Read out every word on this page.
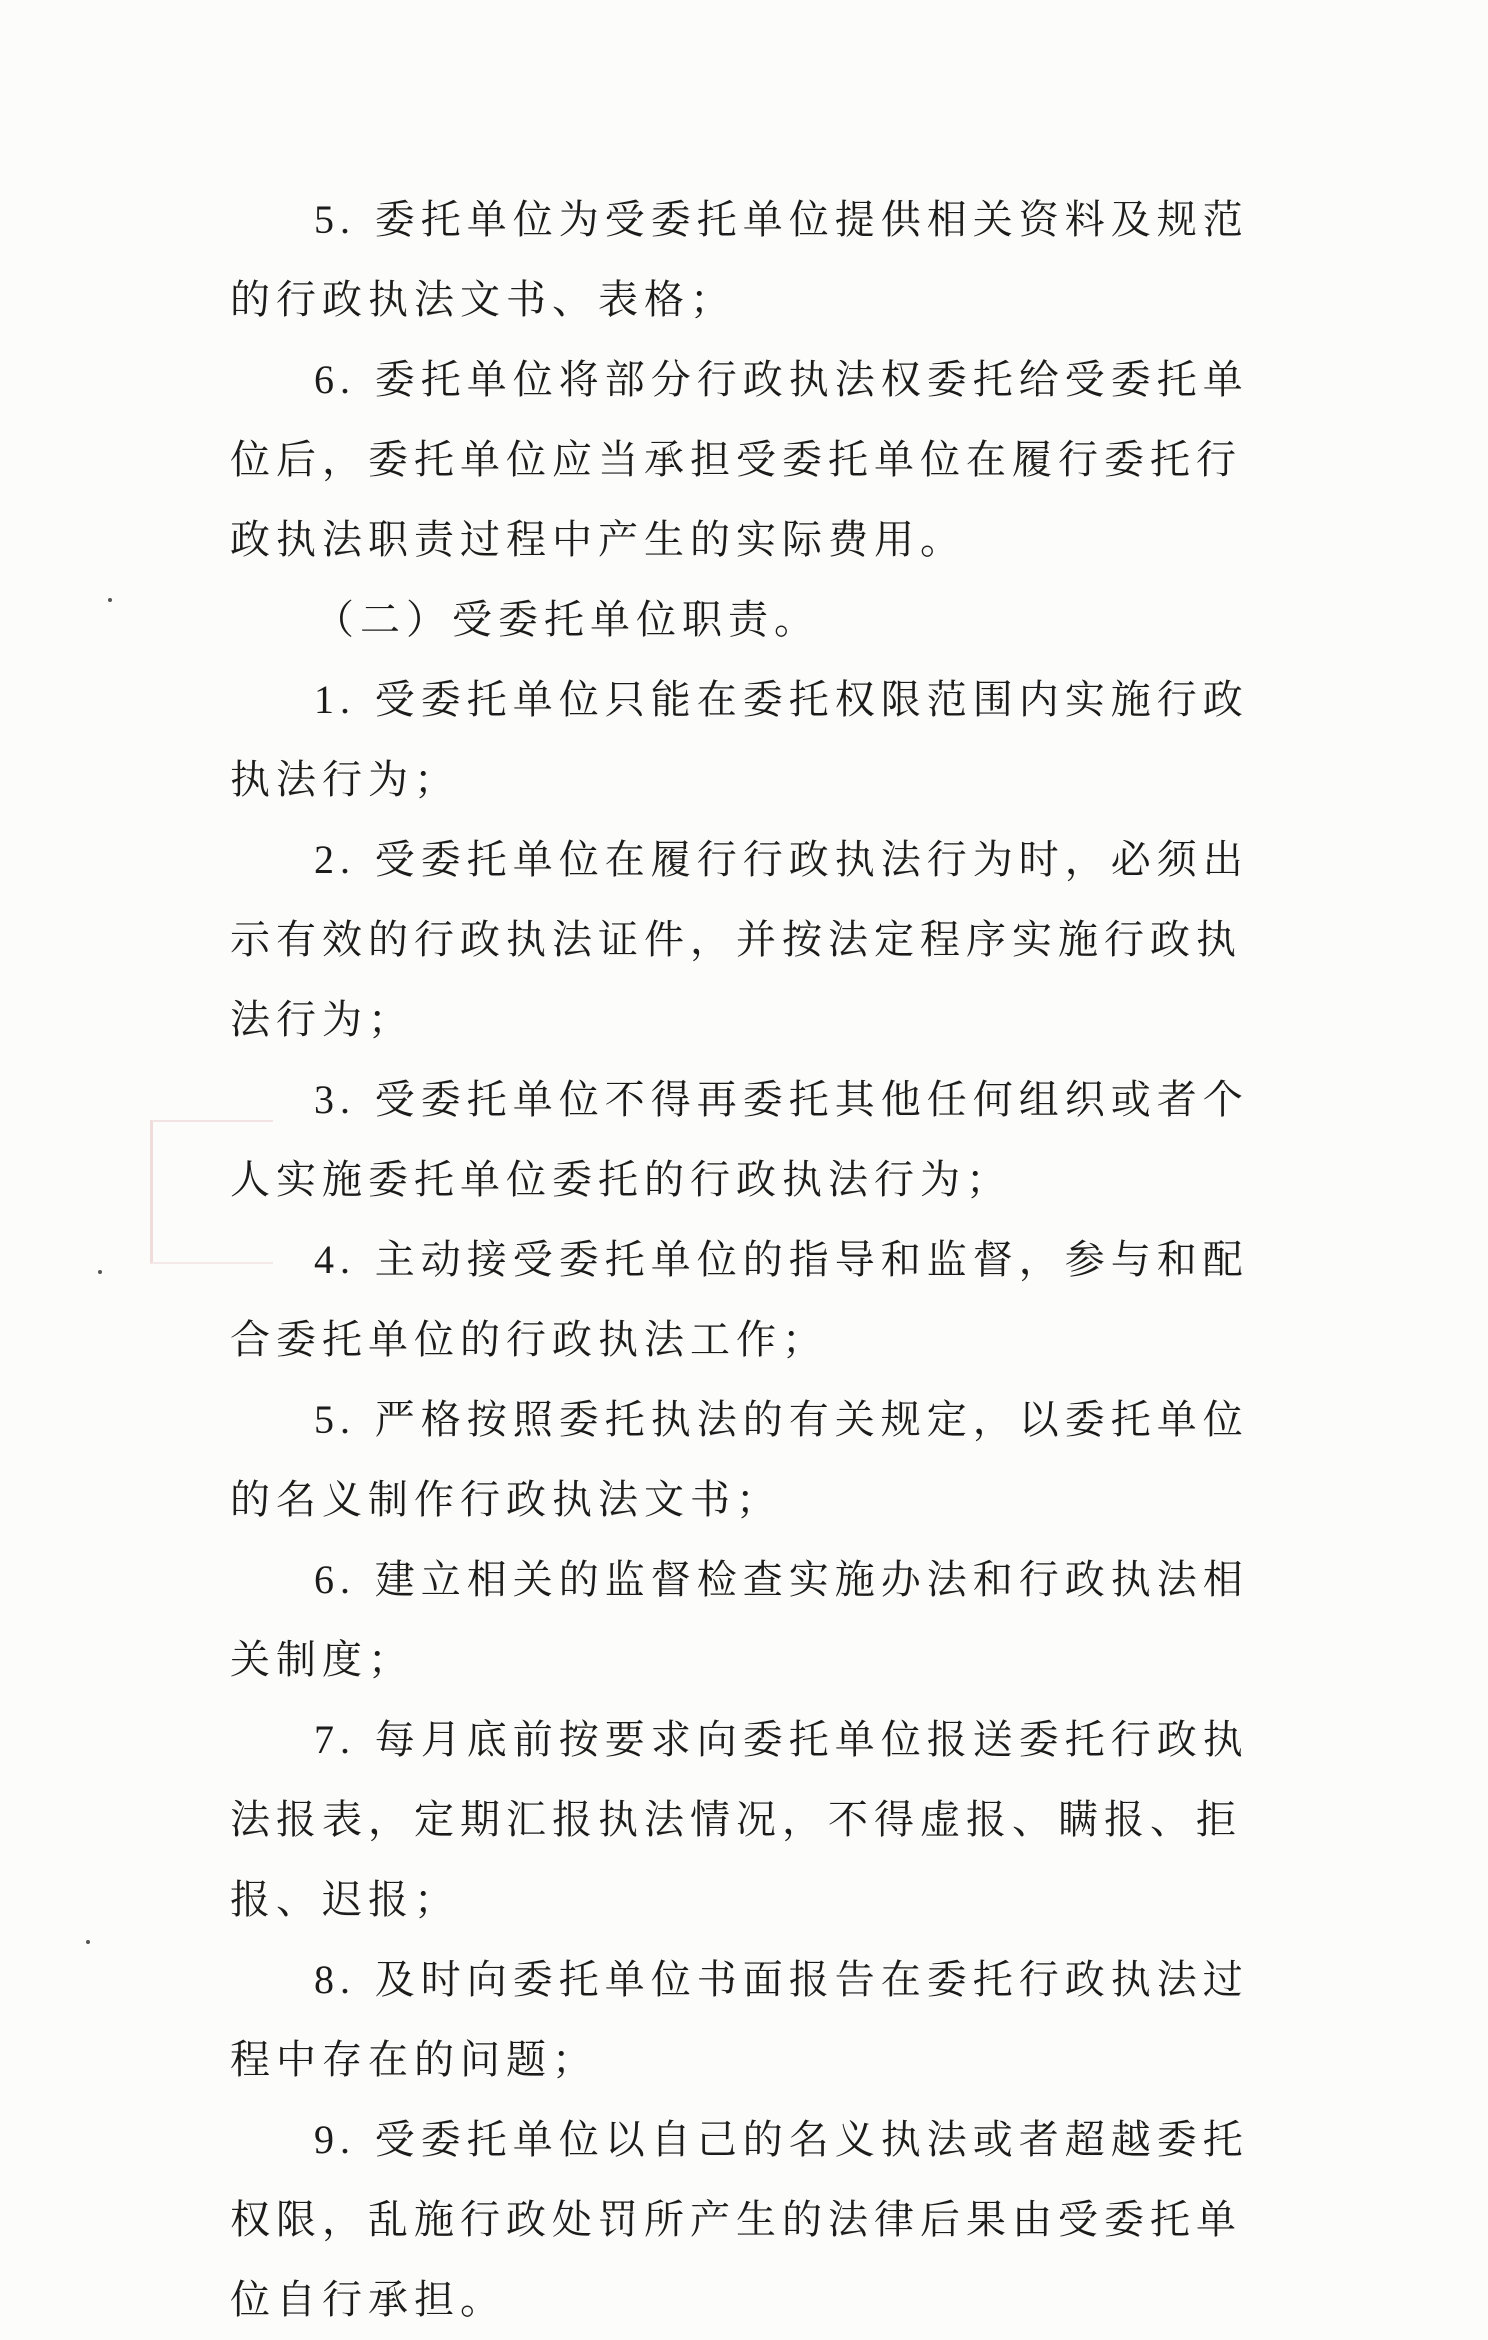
5. 委托单位为受委托单位提供相关资料及规范的行政执法文书、表格；

6. 委托单位将部分行政执法权委托给受委托单位后，委托单位应当承担受委托单位在履行委托行政执法职责过程中产生的实际费用。

（二）受委托单位职责。

1. 受委托单位只能在委托权限范围内实施行政执法行为；

2. 受委托单位在履行行政执法行为时，必须出示有效的行政执法证件，并按法定程序实施行政执法行为；

3. 受委托单位不得再委托其他任何组织或者个人实施委托单位委托的行政执法行为；

4. 主动接受委托单位的指导和监督，参与和配合委托单位的行政执法工作；

5. 严格按照委托执法的有关规定，以委托单位的名义制作行政执法文书；

6. 建立相关的监督检查实施办法和行政执法相关制度；

7. 每月底前按要求向委托单位报送委托行政执法报表，定期汇报执法情况，不得虚报、瞒报、拒报、迟报；

8. 及时向委托单位书面报告在委托行政执法过程中存在的问题；

9. 受委托单位以自己的名义执法或者超越委托权限，乱施行政处罚所产生的法律后果由受委托单位自行承担。
